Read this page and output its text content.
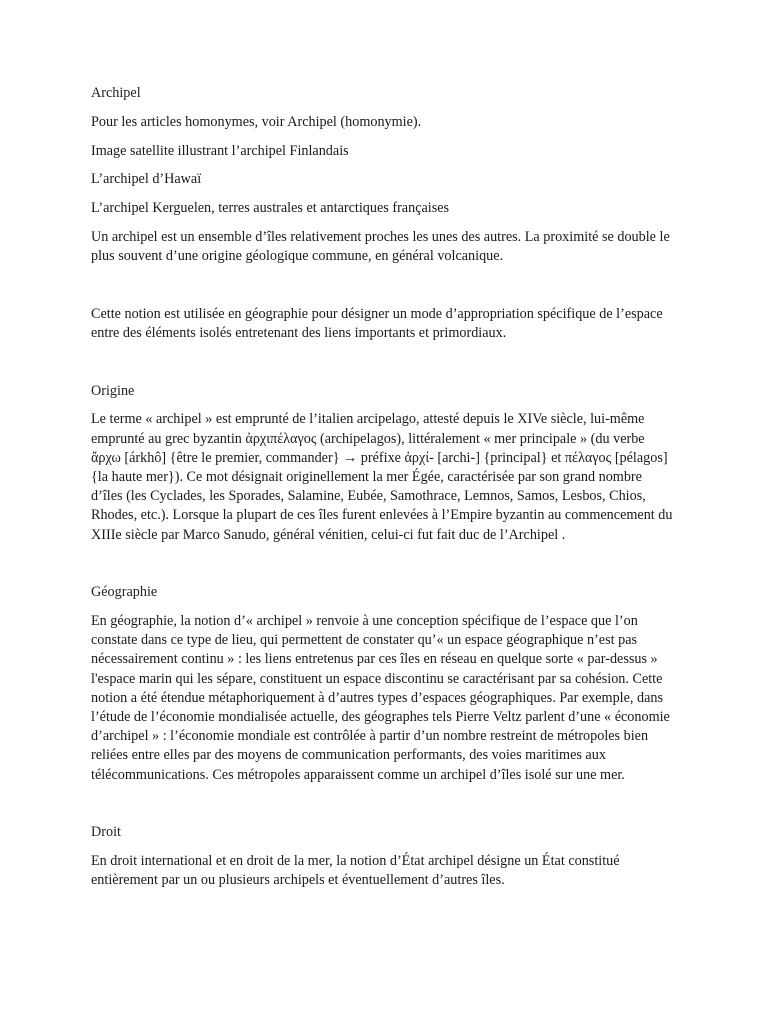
Archipel

Pour les articles homonymes, voir Archipel (homonymie).

Image satellite illustrant l’archipel Finlandais

L’archipel d’Hawaï

L’archipel Kerguelen, terres australes et antarctiques françaises

Un archipel est un ensemble d’îles relativement proches les unes des autres. La proximité se double le plus souvent d’une origine géologique commune, en général volcanique.

Cette notion est utilisée en géographie pour désigner un mode d’appropriation spécifique de l’espace entre des éléments isolés entretenant des liens importants et primordiaux.

Origine

Le terme « archipel » est emprunté de l’italien arcipelago, attesté depuis le XIVe siècle, lui-même emprunté au grec byzantin ἀρχιπέλαγος (archipelagos), littéralement « mer principale » (du verbe ἄρχω [árkhô] {être le premier, commander} → préfixe ἀρχί- [archi-] {principal} et πέλαγος [pélagos] {la haute mer}). Ce mot désignait originellement la mer Égée, caractérisée par son grand nombre d’îles (les Cyclades, les Sporades, Salamine, Eubée, Samothrace, Lemnos, Samos, Lesbos, Chios, Rhodes, etc.). Lorsque la plupart de ces îles furent enlevées à l’Empire byzantin au commencement du XIIIe siècle par Marco Sanudo, général vénitien, celui-ci fut fait duc de l’Archipel .

Géographie

En géographie, la notion d’« archipel » renvoie à une conception spécifique de l’espace que l’on constate dans ce type de lieu, qui permettent de constater qu’« un espace géographique n’est pas nécessairement continu » : les liens entretenus par ces îles en réseau en quelque sorte « par-dessus » l'espace marin qui les sépare, constituent un espace discontinu se caractérisant par sa cohésion. Cette notion a été étendue métaphoriquement à d’autres types d’espaces géographiques. Par exemple, dans l’étude de l’économie mondialisée actuelle, des géographes tels Pierre Veltz parlent d’une « économie d’archipel » : l’économie mondiale est contrôlée à partir d’un nombre restreint de métropoles bien reliées entre elles par des moyens de communication performants, des voies maritimes aux télécommunications. Ces métropoles apparaissent comme un archipel d’îles isolé sur une mer.

Droit

En droit international et en droit de la mer, la notion d’État archipel désigne un État constitué entièrement par un ou plusieurs archipels et éventuellement d’autres îles.
